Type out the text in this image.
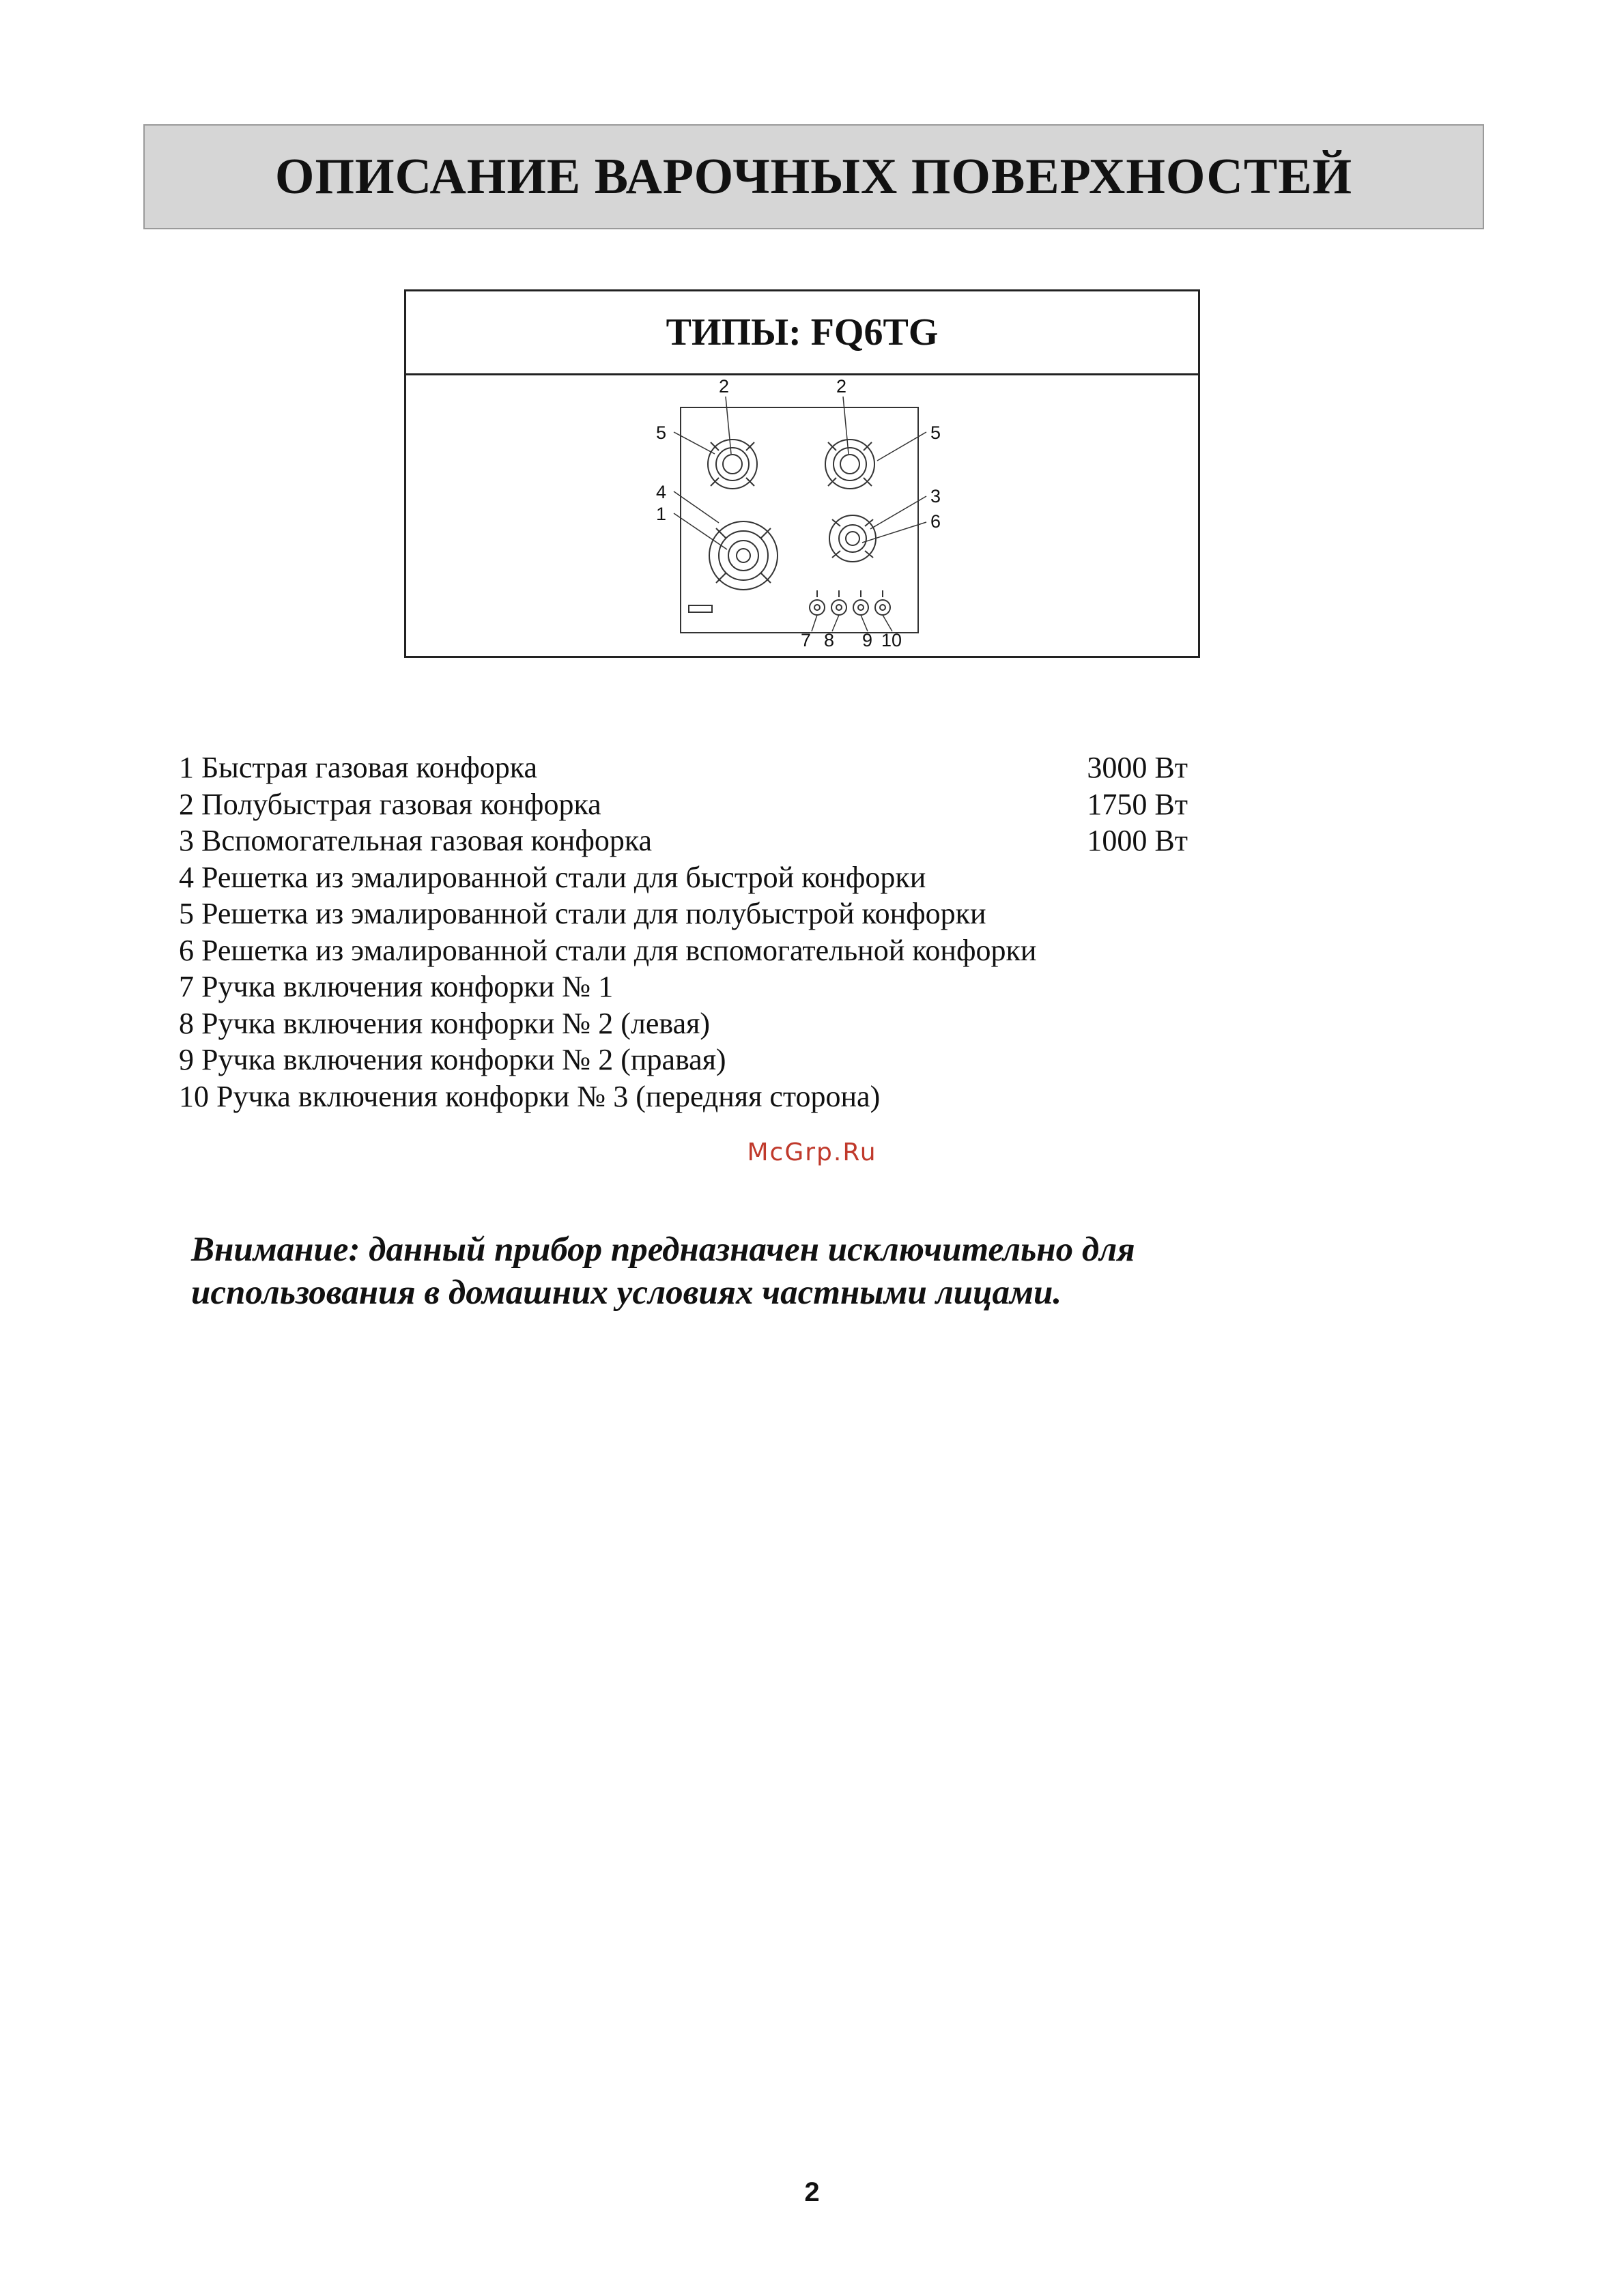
ОПИСАНИЕ ВАРОЧНЫХ ПОВЕРХНОСТЕЙ
ТИПЫ: FQ6TG
2	2
5	5
4	3
1	6
7 8 9 10
1 Быстрая газовая конфорка	3000 Вт
2 Полубыстрая газовая конфорка	1750 Вт
3 Вспомогательная газовая конфорка	1000 Вт
4 Решетка из эмалированной стали для быстрой конфорки
5 Решетка из эмалированной стали для полубыстрой конфорки
6 Решетка из эмалированной стали для вспомогательной конфорки
7 Ручка включения конфорки № 1
8 Ручка включения конфорки № 2 (левая)
9 Ручка включения конфорки № 2 (правая)
10 Ручка включения конфорки № 3 (передняя сторона)
McGrp.Ru
Внимание: данный прибор предназначен исключительно для
использования в домашних условиях частными лицами.
2
